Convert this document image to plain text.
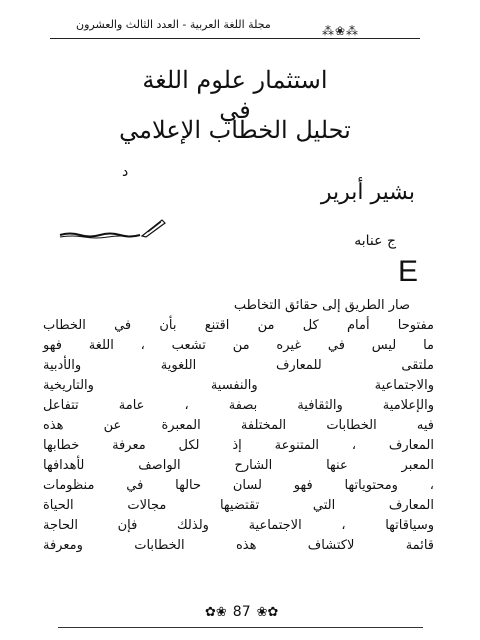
مجلة اللغة العربية - العدد الثالث والعشرون	⁂❀⁂
استثمار علوم اللغة
في
تحليل الخطاب الإعلامي
د
بشير أبرير
ج عنابه
E
صار الطريق إلى حقائق التخاطب
مفتوحا أمام كل من اقتنع بأن في الخطاب
ما ليس في غيره من تشعب ، اللغة فهو
ملتقى للمعارف اللغوية والأدبية
والاجتماعية والنفسية والتاريخية
والإعلامية والثقافية بصفة ، عامة تتفاعل
فيه الخطابات المختلفة المعبرة عن هذه
المعارف ، المتنوعة إذ لكل معرفة خطابها
المعبر عنها الشارح الواصف لأهدافها
، ومحتوياتها فهو لسان حالها في منظومات
المعارف التي تقتضيها مجالات الحياة
وسياقاتها ، الاجتماعية ولذلك فإن الحاجة
قائمة لاكتشاف هذه الخطابات ومعرفة
✿❀ 87 ❀✿
